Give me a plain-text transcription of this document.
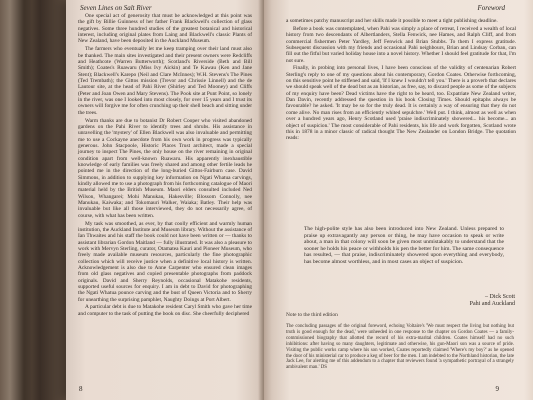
Seven Lines on Salt River

One special act of generosity that must be acknowledged at this point was the gift by Billie Guinness of her father Frank Blackwell's collection of glass negatives. Some three hundred studies of the greatest botanical and historical interest, including original plates from Laing and Blackwell's classic Plants of New Zealand, have been deposited in the Auckland Museum.

The farmers who eventually let me keep tramping over their land must also be thanked. The main sites investigated and their present owners were Redcliffs and Heathcote (Warren Butterworth); Scotland's Riverside (Beth and Bill Smith); Coates's Ruawaru (Miss Ivy Aickin) and Te Kawau (Ken and Jane Stent); Blackwell's Karepo (Neil and Clare McInnes); W.H. Stevens's The Pines (Ted Trembath); the Gittos mission (Trevor and Chrissie Linnell) and the de Lautour site, at the head of Pahi River (Shirley and Ted Mooney) and Cliffs (Peter and Joan Owen and Mary Stevens). The Pook site at Punt Point, so lonely in the river, was one I looked into most closely, for over 15 years and I trust its owners will forgive me for often crunching up their shell beach and sitting under the trees.

Warm thanks are due to botanist Dr Robert Cooper who visited abandoned gardens on the Pahi River to identify trees and shrubs. His assistance in unravelling the 'mystery' of Ellen Blackwell was also invaluable and permitting me to use a Cockayne anecdote from his own work in progress was typically generous. John Stacpoole, Historic Places Trust architect, made a special journey to inspect The Pines, the only house on the river remaining in original condition apart from well-known Ruawaru. His apparently inexhaustible knowledge of early families was freely shared and among other fertile leads he pointed me in the direction of the long-buried Gittos-Fairburn case. David Simmons, in addition to supplying key information on Ngati Whatua carvings, kindly allowed me to use a photograph from his forthcoming catalogue of Maori material held by the British Museum. Maori elders consulted included Ned Wilson, Whangarei; Mohi Manukau, Hakesville; Blossom Connolly, nee Manukau, Kaiwaka; and Tokomauri Walker, Waiaka; Batley. Their help was invaluable but like all those interviewed, they do not necessarily agree, of course, with what has been written.

My task was smoothed, as ever, by that coolly efficient and warmly human institution, the Auckland Institute and Museum library. Without the assistance of Ian Thwaites and his staff the book could not have been written or — thanks to assistant librarian Gordon Maitland — fully illustrated. It was also a pleasure to work with Mervyn Sterling, curator, Otamatea Kauri and Pioneer Museum, who freely made available museum resources, particularly the fine photographic collection which will receive justice when a definitive local history is written. Acknowledgement is also due to Anne Carpenter who ensured clean images from old glass negatives and copied presentable photographs from paddock originals. David and Sherry Reynolds, occasional Matakohe residents, supported useful sources for enquiry. I am in debt to David for photographing the Ngati Whatua pounce carving and the bust of Queen Victoria and to Sherry for unearthing the surprising pamphlet, Naughty Doings at Port Albert.

A particular debt is due to Matakohe resident Caryl Smith who gave her time and computer to the task of putting the book on disc. She cheerfully deciphered

8
Foreword

a sometimes patchy manuscript and her skills made it possible to meet a tight publishing deadline.

Before a book was contemplated, when Pahi was simply a place of retreat, I received a wealth of local history from two descendants of Albertlanders, Stella Fenwick, nee Hames, and Ralph Cliff, and from commercial fishermen Peter Yardley, Jeff Fenwick and Brian Stubbs. To them I express gratitude. Subsequent discussion with my friends and occasional Pahi neighbours, Brian and Lindsay Corban, can fill out the fitful but varied holiday house into a novel history. Whether I should feel gratitude for that, I'm not sure.

Finally, in probing into personal lives, I have been conscious of the validity of centenarian Robert Sterling's reply to one of my questions about his contemporary, Gordon Coates. Otherwise forthcoming, on this sensitive point he stiffened and said, 'If I knew I wouldn't tell you.' There is a proverb that declares we should speak well of the dead but as an historian, as free, say, to discard people as some of the subjects of my enquiry have been? Dead victims have the right to be heard, too. Expatriate New Zealand writer, Dan Davin, recently addressed the question in his book Closing Times. Should epitaphs always be favourable? he asked. 'It may be so for the truly dead. It is certainly a way of ensuring that they do not come alive. No man rises from an efficiently whited sepulchre.' Well put. I think, almost as well as when over a hundred years ago, Henry Scotland used 'praise indiscriminately showered... his become... an object of suspicion.' The most considerable of Pahi residents, his life and work forgotten, Scotland wrote this in 1878 in a minor classic of radical thought The New Zealander on London Bridge. The quotation reads:

The high-polite style has also been introduced into New Zealand. Unless prepared to praise up extravagantly any person or thing, he may have occasion to speak or write about, a man in that colony will soon be given most unmistakably to understand that the sooner he holds his peace or withholds his pen the better for him. The same consequence has resulted, — that praise, indiscriminately showered upon everything and everybody, has become almost worthless, and in most cases an object of suspicion.

– Dick Scott
Pahi and Auckland
Note to the third edition

The concluding passages of the original foreword, echoing Voltaire's 'We must respect the living but nothing but truth is good enough for the dead,' were unheeded in one response to the chapter on Gordon Coates — a family-commissioned biography that allotted the record of his extra-marital children. Coates himself had no such inhibitions: after having so many daughters, legitimate and otherwise, his gun-Maori son was a source of pride. Visiting the public works camp where his son worked, Coates reportedly claimed 'Where's my boy?' as he opened the door of his ministerial car to produce a keg of beer for the men. I am indebted to the Northland historian, the late Jack Lee, for alerting me of this addendum to a chapter that reviewers found 'a sympathetic portrayal of a strangely ambivalent man.' DS

9
